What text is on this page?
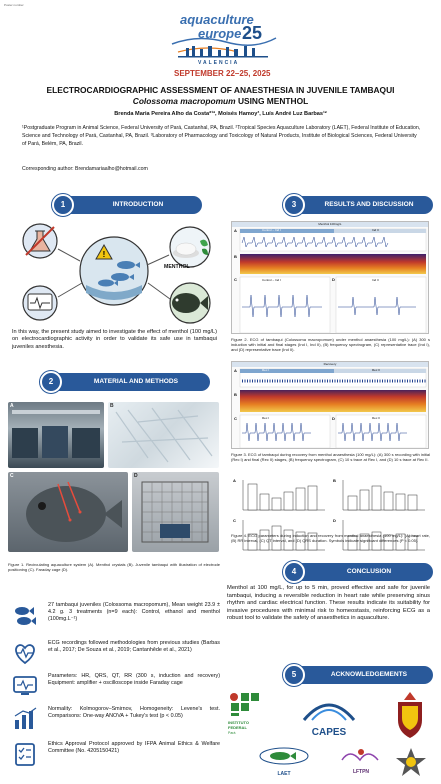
Poster number
aquaculture
europe 25
VALENCIA
SEPTEMBER 22–25, 2025
ELECTROCARDIOGRAPHIC ASSESSMENT OF ANAESTHESIA IN JUVENILE TAMBAQUI
Colossoma macropomum USING MENTHOL
Brenda Maria Pereira Alho da Costa*¹², Moisés Hamoy³, Luís André Luz Barbas¹²
¹Postgraduate Program in Animal Science, Federal University of Pará, Castanhal, PA, Brazil. ²Tropical Species Aquaculture Laboratory (LAET), Federal Institute of Education, Science and Technology of Pará, Castanhal, PA, Brazil. ³Laboratory of Pharmacology and Toxicology of Natural Products, Institute of Biological Sciences, Federal University of Pará, Belém, PA, Brazil.
Corresponding author: Brendamariaalho@hotmail.com
1	INTRODUCTION
!
MENTHOL
In this way, the present study aimed to investigate the effect of menthol (100 mg/L) on electrocardiographic activity in order to validate its safe use in tambaqui juveniles anesthesia.
2	MATERIAL AND METHODS
A	B
C	D
Figure 1. Recirculating aquaculture system (A). Menthol crystals (B). Juvenile tambaqui with illustration of electrode positioning (C). Faraday cage (D).
27 tambaqui juveniles (Colossoma macropomum), Mean weight 23.9 ± 4.2 g. 3 treatments (n=9 each): Control, ethanol and menthol (100mg.L⁻¹)
ECG recordings followed methodologies from previous studies (Barbas et al., 2017; De Souza et al., 2019; Cantanhêde et al., 2021)
Parameters: HR, QRS, QT, RR (300 s, induction and recovery) Equipment: amplifier + oscilloscope inside Faraday cage
Normality: Kolmogorov–Smirnov, Homogeneity: Levene's test. Comparisons: One-way ANOVA + Tukey's test (p < 0.05)
Ethics Approval Protocol approved by IFPA Animal Ethics & Welfare Committee (No. 4205150421)
3	RESULTS AND DISCUSSION
Menthol 100mg/L
A
B
C	D
Control – Ind I	Ind II
Control – Ind I	Ind II
Figure 2. ECG of tambaqui (Colossoma macropomum) under menthol anaesthesia (100 mg/L): (A) 300 s induction with initial and final stages (Ind I, Ind II), (B) frequency spectrogram, (C) representative trace (Ind I), and (D) representative trace (Ind II).
Recovery
A
B
C	D
Rec I	Rec II
Rec I	Rec II
Figure 3. ECG of tambaqui during recovery from menthol anaesthesia (100 mg/L): (A) 300 s recording with initial (Rec I) and final (Rec II) stages, (B) frequency spectrogram, (C) 10 s trace at Rec I, and (D) 10 s trace at Rec II.
A	B
C	D
Figure 4. ECG parameters during induction and recovery from menthol anaesthesia (100 mg/L): (A) heart rate, (B) RR interval, (C) QT interval, and (D) QRS duration. Symbols indicate significant differences (P < 0.05).
4	CONCLUSION
Menthol at 100 mg/L, for up to 5 min, proved effective and safe for juvenile tambaqui, inducing a reversible reduction in heart rate while preserving sinus rhythm and cardiac electrical function. These results indicate its suitability for invasive procedures with minimal risk to homeostasis, reinforcing ECG as a robust tool to validate the safety of anaesthetics in aquaculture.
5	ACKNOWLEDGEMENTS
INSTITUTO
FEDERAL
Pará	CAPES
LAET	LFTPN
